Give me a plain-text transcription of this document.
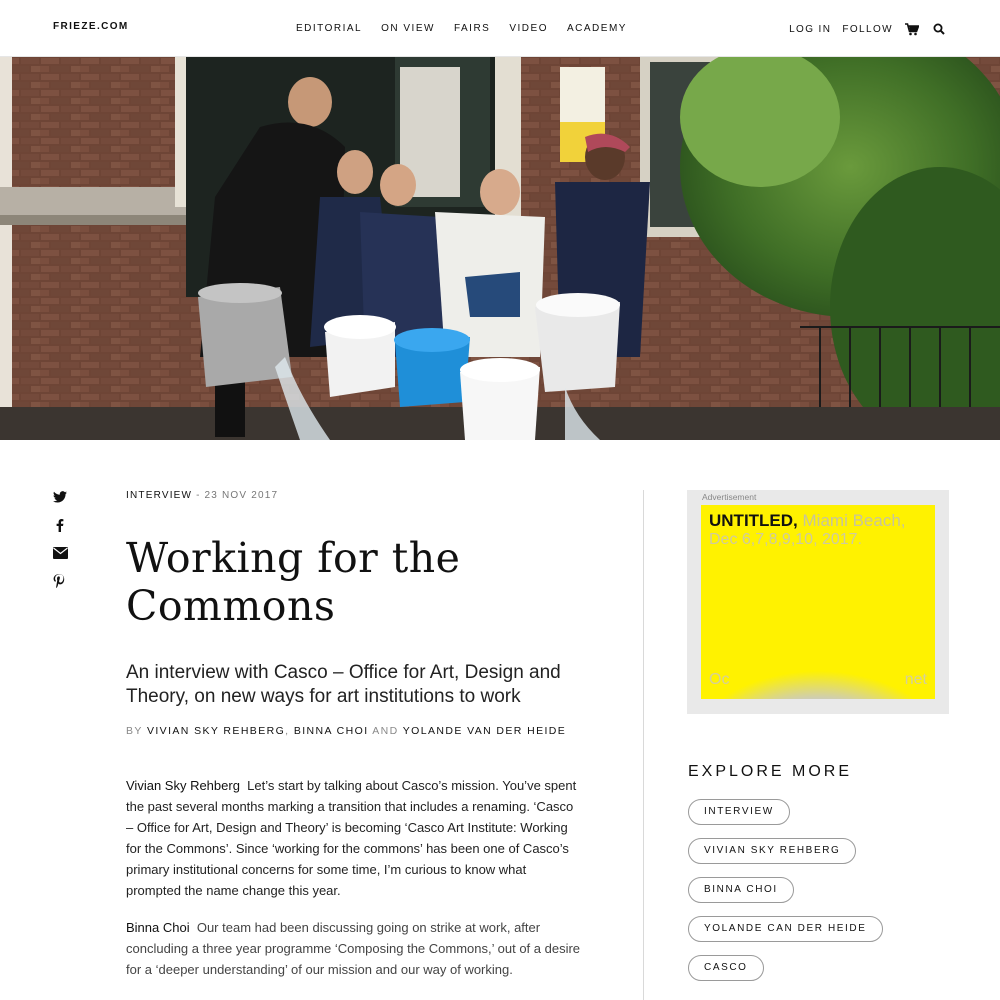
FRIEZE.COM	EDITORIAL ON VIEW FAIRS VIDEO ACADEMY	LOG IN FOLLOW
INTERVIEW - 23 NOV 2017
Working for the
Commons

An interview with Casco – Office for Art, Design and Theory, on new ways for art institutions to work

BY VIVIAN SKY REHBERG, BINNA CHOI AND YOLANDE VAN DER HEIDE

Vivian Sky Rehberg Let’s start by talking about Casco’s mission. You’ve spent the past several months marking a transition that includes a renaming. ‘Casco – Office for Art, Design and Theory’ is becoming ‘Casco Art Institute: Working for the Commons’. Since ‘working for the commons’ has been one of Casco’s primary institutional concerns for some time, I’m curious to know what prompted the name change this year.

Binna Choi Our team had been discussing going on strike at work, after concluding a three year programme ‘Composing the Commons,’ out of a desire for a ‘deeper understanding’ of our mission and our way of working.

Advertisement
UNTITLED, Miami Beach,
Dec 6,7,8,9,10, 2017.
Oc	net
EXPLORE MORE
INTERVIEW
VIVIAN SKY REHBERG
BINNA CHOI
YOLANDE CAN DER HEIDE
CASCO
